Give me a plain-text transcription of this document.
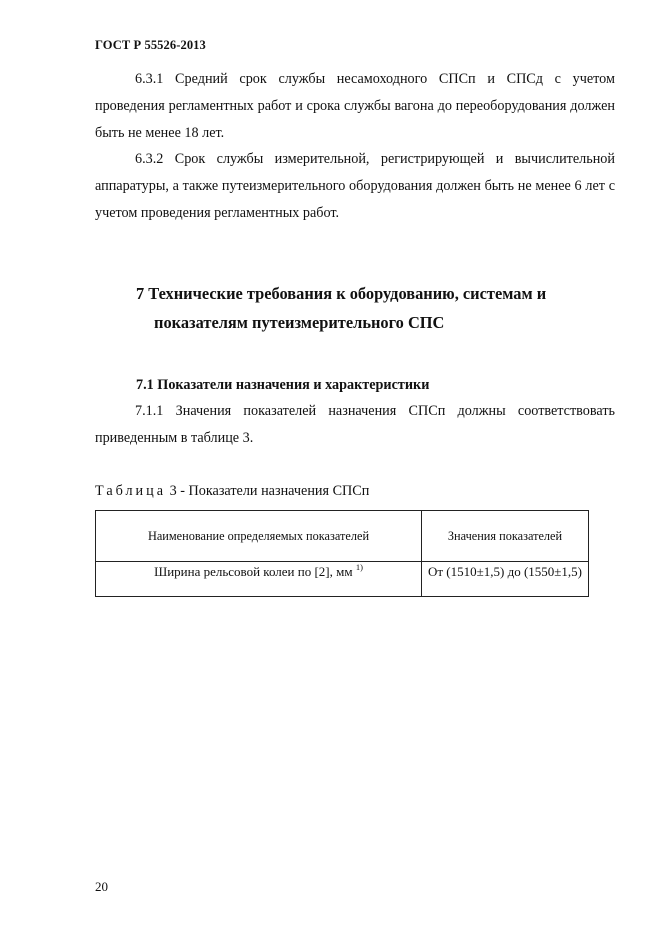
ГОСТ Р 55526-2013

6.3.1 Средний срок службы несамоходного СПСп и СПСд с учетом проведения регламентных работ и срока службы вагона до переоборудования должен быть не менее 18 лет.

6.3.2 Срок службы измерительной, регистрирующей и вычислительной аппаратуры, а также путеизмерительного оборудования должен быть не менее 6 лет с учетом проведения регламентных работ.

7 Технические требования к оборудованию, системам и показателям путеизмерительного СПС
7.1 Показатели назначения и характеристики

7.1.1 Значения показателей назначения СПСп должны соответствовать приведенным в таблице 3.

Таблица 3 - Показатели назначения СПСп
Наименование определяемых показателей	Значения показателей
Ширина рельсовой колеи по [2], мм $^{1)}$	От (1510±1,5) до (1550±1,5)
20
